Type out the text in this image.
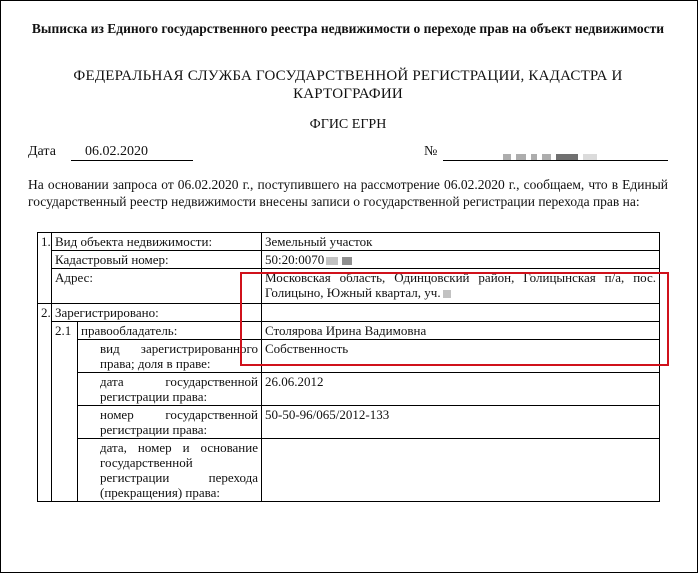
Выписка из Единого государственного реестра недвижимости о переходе прав на объект недвижимости
ФЕДЕРАЛЬНАЯ СЛУЖБА ГОСУДАРСТВЕННОЙ РЕГИСТРАЦИИ, КАДАСТРА И КАРТОГРАФИИ
ФГИС ЕГРН
Дата	06.02.2020	№
На основании запроса от 06.02.2020 г., поступившего на рассмотрение 06.02.2020 г., сообщаем, что в Единый государственный реестр недвижимости внесены записи о государственной регистрации перехода прав на:
1.	Вид объекта недвижимости:		Земельный участок
	Кадастровый номер:		50:20:0070
	Адрес:		Московская область, Одинцовский район, Голицынская п/а, пос. Голицыно, Южный квартал, уч.
2.	Зарегистрировано:		
	2.1	правообладатель:	Столярова Ирина Вадимовна
		вид зарегистрированного права; доля в праве:	Собственность
		дата государственной регистрации права:	26.06.2012
		номер государственной регистрации права:	50-50-96/065/2012-133
		дата, номер и основание государственной регистрации перехода (прекращения) права:	
